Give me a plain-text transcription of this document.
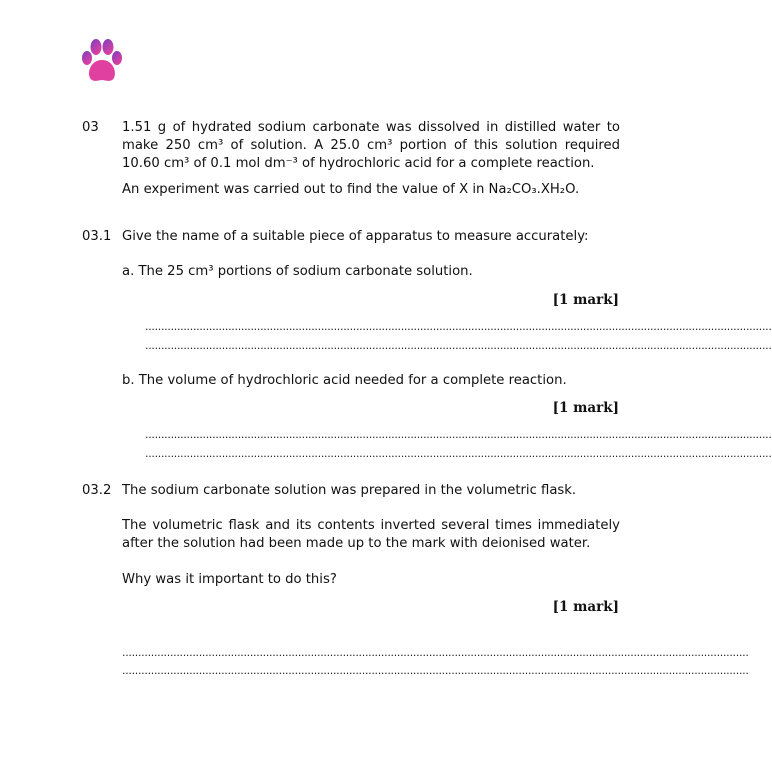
03 1.51 g of hydrated sodium carbonate was dissolved in distilled water to make 250 cm³ of solution. A 25.0 cm³ portion of this solution required 10.60 cm³ of 0.1 mol dm⁻³ of hydrochloric acid for a complete reaction.
An experiment was carried out to find the value of X in Na₂CO₃.XH₂O.
03.1 Give the name of a suitable piece of apparatus to measure accurately:
a. The 25 cm³ portions of sodium carbonate solution.
[1 mark]
....................................................................................................................................................................................................
....................................................................................................................................................................................................
b. The volume of hydrochloric acid needed for a complete reaction.
[1 mark]
....................................................................................................................................................................................................
....................................................................................................................................................................................................
03.2 The sodium carbonate solution was prepared in the volumetric flask.
The volumetric flask and its contents inverted several times immediately after the solution had been made up to the mark with deionised water.
Why was it important to do this?
[1 mark]
....................................................................................................................................................................................................
....................................................................................................................................................................................................
